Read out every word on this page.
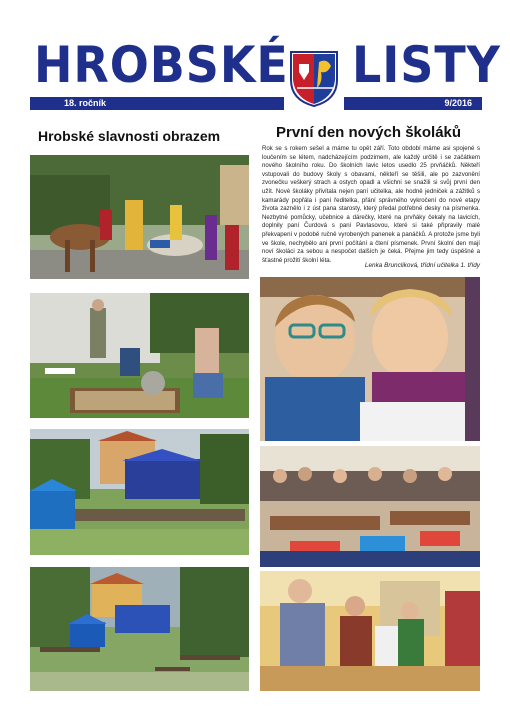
HROBSKÉ LISTY
18. ročník	9/2016
Hrobské slavnosti obrazem	První den nových školáků
Rok se s rokem sešel a máme tu opět září. Toto období máme asi spojené s loučením se létem, nadcházejícím podzimem, ale každý určitě i se začátkem nového školního roku. Do školních lavic letos usedlo 25 prvňáčků. Někteří vstupovali do budovy školy s obavami, někteří se těšili, ale po zazvonění zvonečku veškerý strach a ostych opadl a všichni se snažili si svůj první den užít. Nové školáky přivítala nejen paní učitelka, ale hodně jedniček a zážitků s kamarády popřála i paní ředitelka, přání správného vykročení do nové etapy života zaznělo i z úst pana starosty, který předal potřebné desky na písmenka. Nezbytné pomůcky, učebnice a dárečky, které na prvňáky čekaly na lavicích, doplnily paní Čurdová s paní Pavlasovou, které si také připravily malé překvapení v podobě ručně vyrobených panenek a panáčků. A protože jsme byli ve škole, nechybělo ani první počítání a čtení písmenek. První školní den mají noví školáci za sebou a nespočet dalších je čeká. Přejme jim tedy úspěšné a šťastné prožití školní léta.
Lenka Bruncliková, třídní učitelka 1. třídy
